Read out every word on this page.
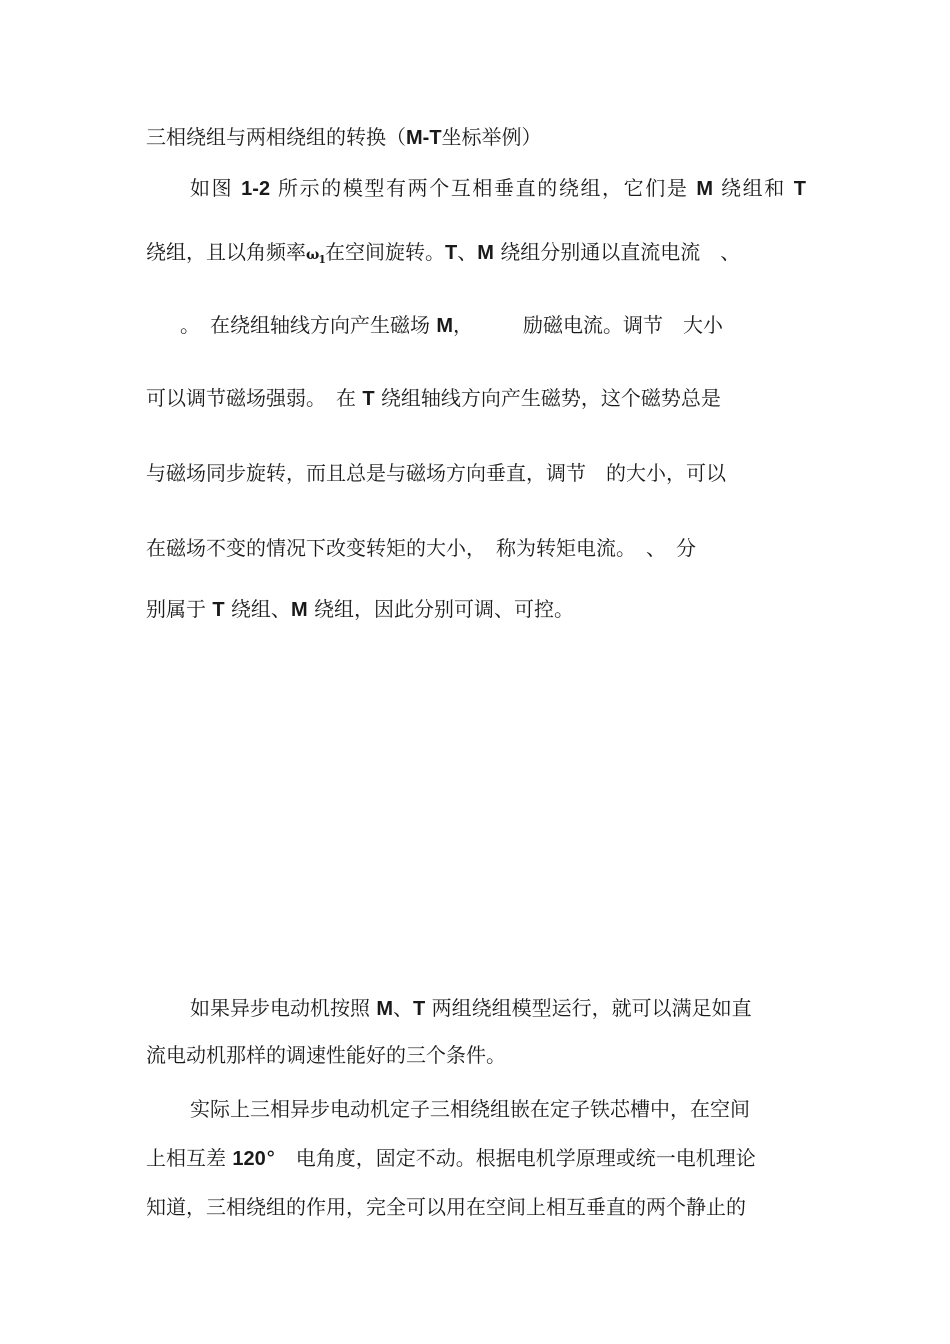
三相绕组与两相绕组的转换（M-T坐标举例）
如图 1-2 所示的模型有两个互相垂直的绕组，它们是 M 绕组和 T
绕组，且以角频率$\omega_1$在空间旋转。T、M 绕组分别通以直流电流　、
　。　在绕组轴线方向产生磁场 M，　　　励磁电流。调节　大小
可以调节磁场强弱。　在 T 绕组轴线方向产生磁势，这个磁势总是
与磁场同步旋转，而且总是与磁场方向垂直，调节　的大小，可以
在磁场不变的情况下改变转矩的大小，　称为转矩电流。　、　分
别属于 T 绕组、M 绕组，因此分别可调、可控。
如果异步电动机按照 M、T 两组绕组模型运行，就可以满足如直
流电动机那样的调速性能好的三个条件。
实际上三相异步电动机定子三相绕组嵌在定子铁芯槽中，在空间
上相互差 120°　电角度，固定不动。根据电机学原理或统一电机理论
知道，三相绕组的作用，完全可以用在空间上相互垂直的两个静止的
